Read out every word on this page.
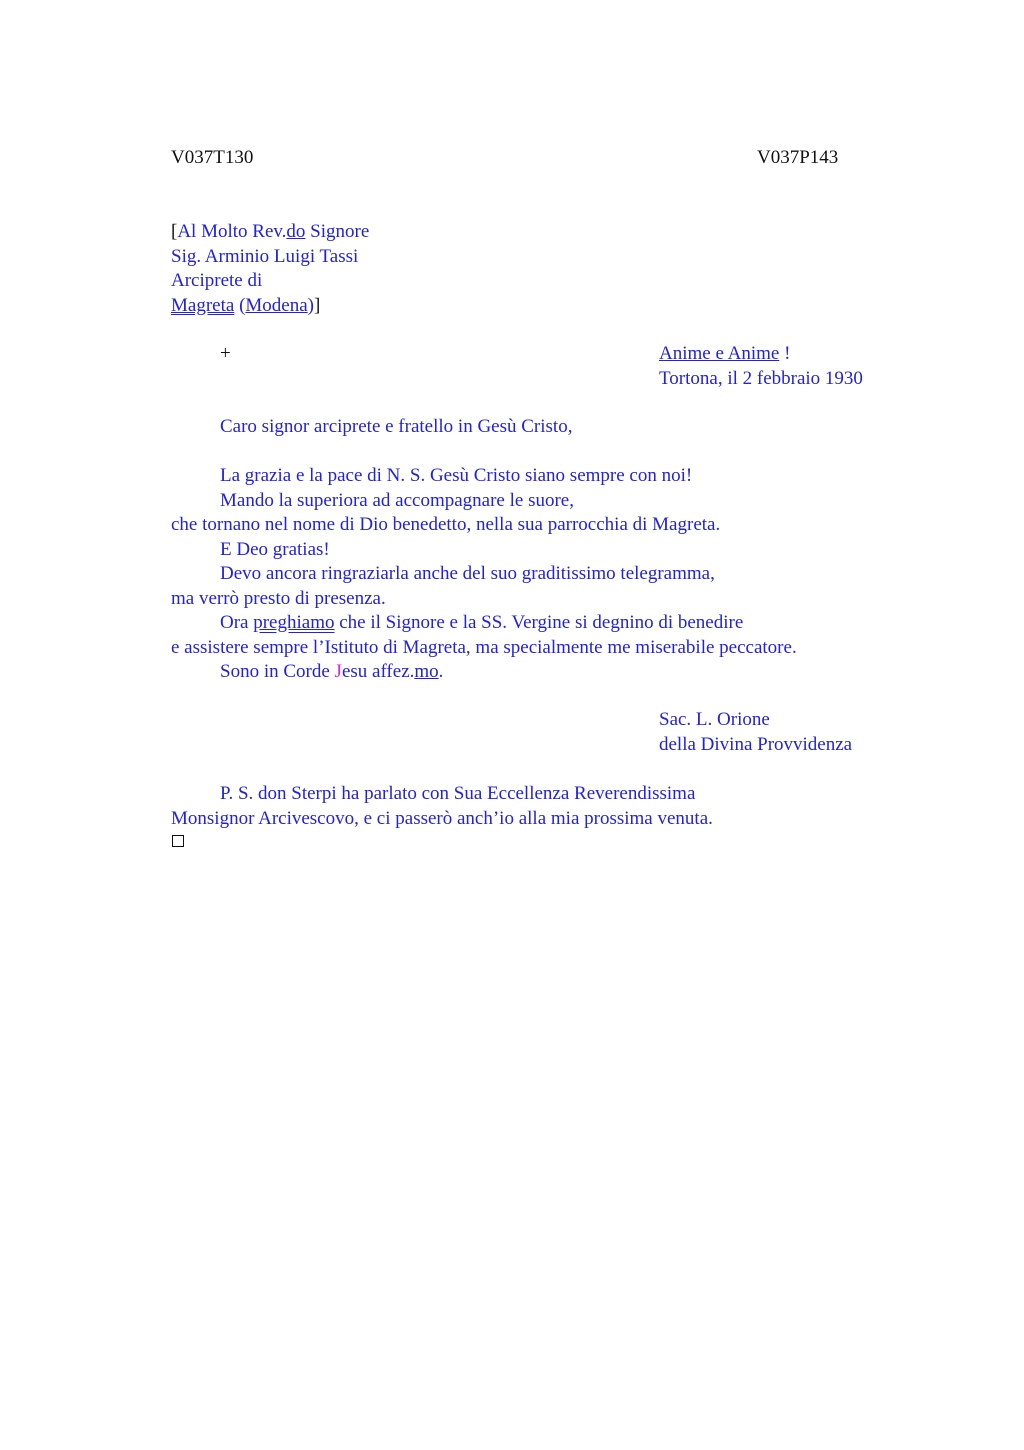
V037T130	V037P143
[Al Molto Rev.do Signore
Sig. Arminio Luigi Tassi
Arciprete di
Magreta (Modena)]
+	Anime e Anime !
Tortona, il 2 febbraio 1930
Caro signor arciprete e fratello in Gesù Cristo,
La grazia e la pace di N. S. Gesù Cristo siano sempre con noi!
Mando la superiora ad accompagnare le suore,
che tornano nel nome di Dio benedetto, nella sua parrocchia di Magreta.
E Deo gratias!
Devo ancora ringraziarla anche del suo graditissimo telegramma,
ma verrò presto di presenza.
Ora preghiamo che il Signore e la SS. Vergine si degnino di benedire
e assistere sempre l’Istituto di Magreta, ma specialmente me miserabile peccatore.
Sono in Corde Jesu affez.mo.
Sac. L. Orione
della Divina Provvidenza
P. S. don Sterpi ha parlato con Sua Eccellenza Reverendissima
Monsignor Arcivescovo, e ci passerò anch’io alla mia prossima venuta.
